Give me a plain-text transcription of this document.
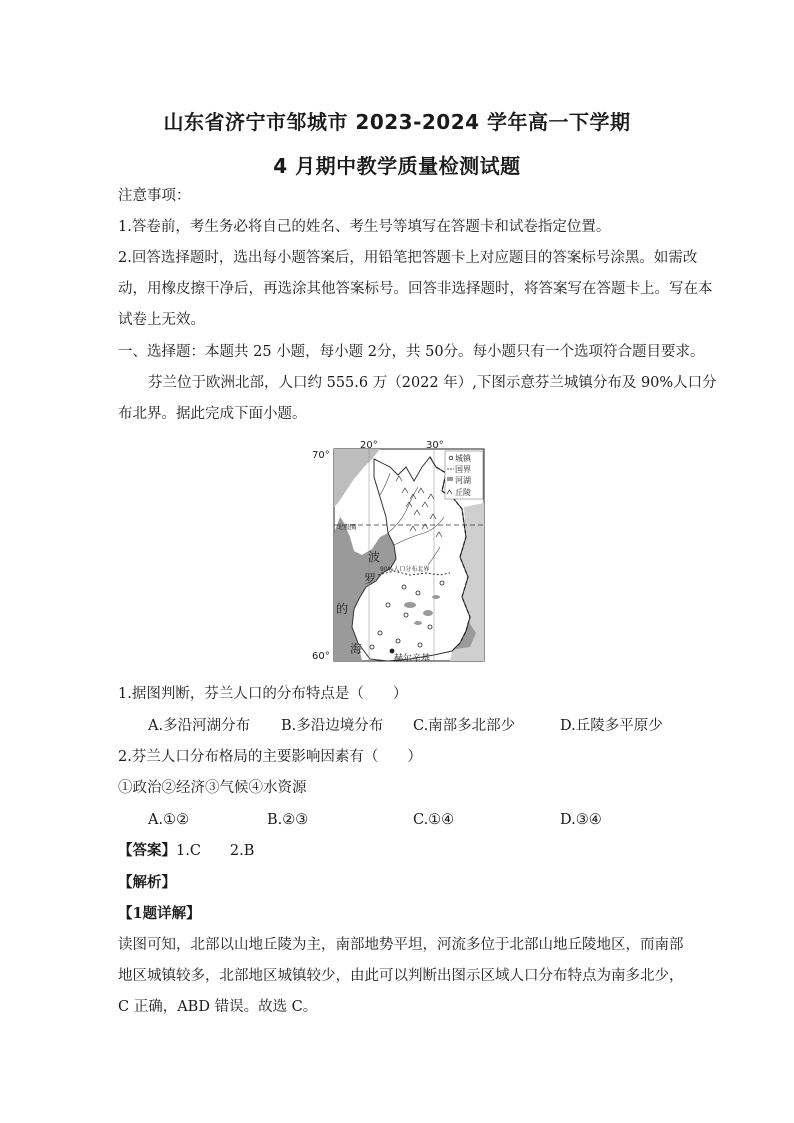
山东省济宁市邹城市 2023-2024 学年高一下学期
4 月期中教学质量检测试题
注意事项：
1.答卷前，考生务必将自己的姓名、考生号等填写在答题卡和试卷指定位置。
2.回答选择题时，选出每小题答案后，用铅笔把答题卡上对应题目的答案标号涂黑。如需改
动，用橡皮擦干净后，再选涂其他答案标号。回答非选择题时，将答案写在答题卡上。写在本
试卷上无效。
一、选择题：本题共 25 小题，每小题 2分，共 50分。每小题只有一个选项符合题目要求。
芬兰位于欧洲北部，人口约 555.6 万（2022 年）,下图示意芬兰城镇分布及 90%人口分
布北界。据此完成下面小题。
20°	30°
70°
60°
北极圈
90%人口分布北界
波
罗
的
海
赫尔辛基
城镇
国界
河湖
丘陵
1.据图判断，芬兰人口的分布特点是（　　）
A.多沿河湖分布 B.多沿边境分布 C.南部多北部少	D.丘陵多平原少
2.芬兰人口分布格局的主要影响因素有（　　）
①政治②经济③气候④水资源
A.①②	B.②③	C.①④	D.③④
【答案】1.C　　2.B
【解析】
【1题详解】
读图可知，北部以山地丘陵为主，南部地势平坦，河流多位于北部山地丘陵地区，而南部
地区城镇较多，北部地区城镇较少，由此可以判断出图示区域人口分布特点为南多北少，
C 正确，ABD 错误。故选 C。
